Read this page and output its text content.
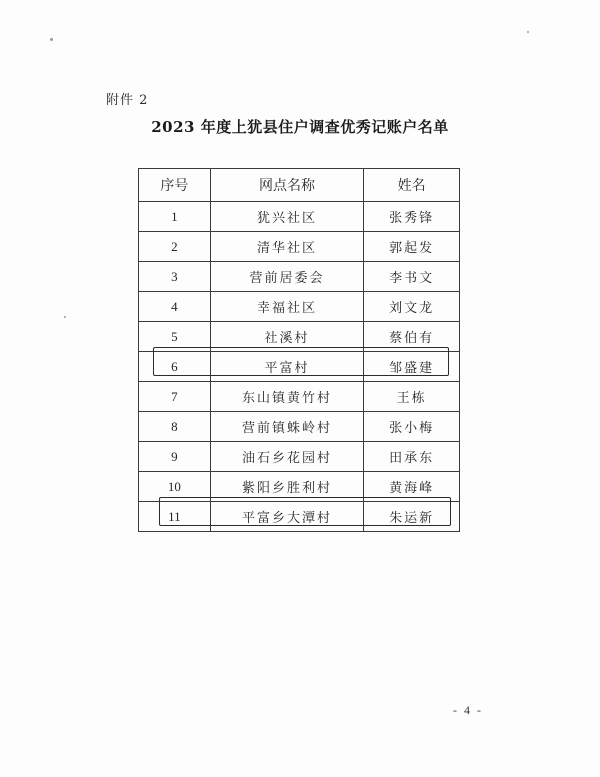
附件 2
2023 年度上犹县住户调查优秀记账户名单
序号	网点名称	姓名
1	犹兴社区	张秀锋
2	清华社区	郭起发
3	营前居委会	李书文
4	幸福社区	刘文龙
5	社溪村	蔡伯有
6	平富村	邹盛建
7	东山镇黄竹村	王栋
8	营前镇蛛岭村	张小梅
9	油石乡花园村	田承东
10	紫阳乡胜利村	黄海峰
11	平富乡大潭村	朱运新
- 4 -
